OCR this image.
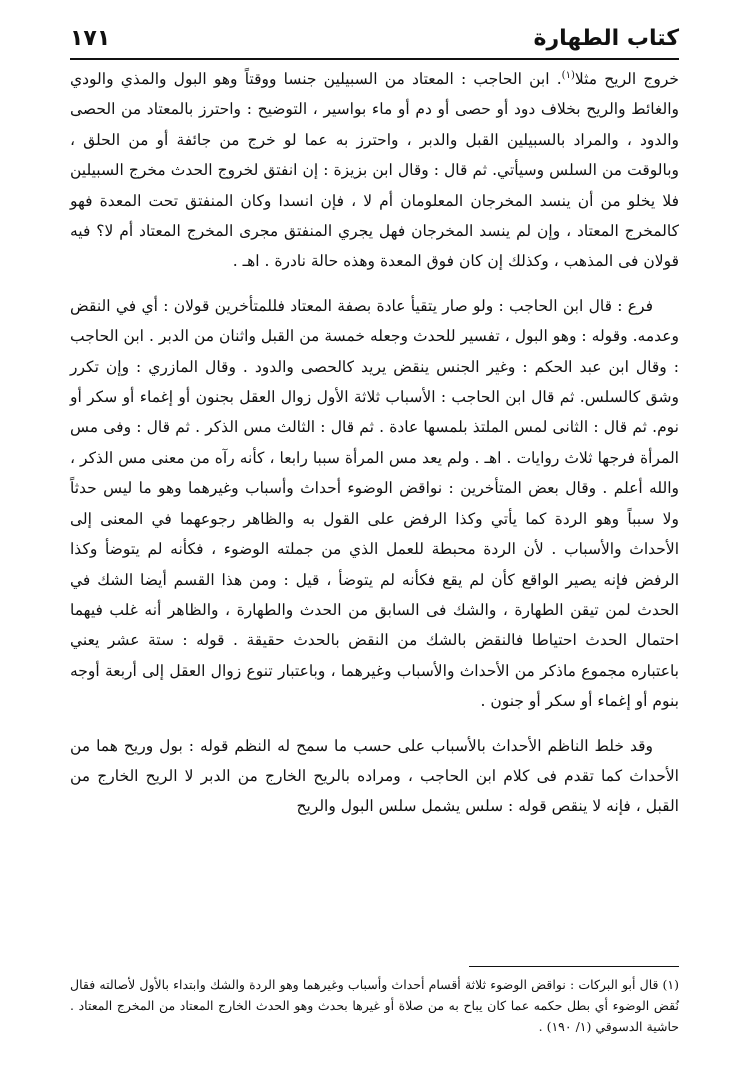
كتاب الطهارة
١٧١

خروج الريح مثلا$^{(١)}$. ابن الحاجب : المعتاد من السبيلين جنسا ووقتاً وهو البول والمذي والودي والغائط والريح بخلاف دود أو حصى أو دم أو ماء بواسير ، التوضيح : واحترز بالمعتاد من الحصى والدود ، والمراد بالسبيلين القبل والدبر ، واحترز به عما لو خرج من جائفة أو من الحلق ، وبالوقت من السلس وسيأتي. ثم قال : وقال ابن بزيزة : إن انفتق لخروج الحدث مخرج السبيلين فلا يخلو من أن ينسد المخرجان المعلومان أم لا ، فإن انسدا وكان المنفتق تحت المعدة فهو كالمخرج المعتاد ، وإن لم ينسد المخرجان فهل يجري المنفتق مجرى المخرج المعتاد أم لا؟ فيه قولان فى المذهب ، وكذلك إن كان فوق المعدة وهذه حالة نادرة . اهـ .

فرع : قال ابن الحاجب : ولو صار يتقيأ عادة بصفة المعتاد فللمتأخرين قولان : أي في النقض وعدمه. وقوله : وهو البول ، تفسير للحدث وجعله خمسة من القبل واثنان من الدبر . ابن الحاجب : وقال ابن عبد الحكم : وغير الجنس ينقض يريد كالحصى والدود . وقال المازري : وإن تكرر وشق كالسلس. ثم قال ابن الحاجب : الأسباب ثلاثة الأول زوال العقل بجنون أو إغماء أو سكر أو نوم. ثم قال : الثانى لمس الملتذ بلمسها عادة . ثم قال : الثالث مس الذكر . ثم قال : وفى مس المرأة فرجها ثلاث روايات . اهـ . ولم يعد مس المرأة سببا رابعا ، كأنه رآه من معنى مس الذكر ، والله أعلم . وقال بعض المتأخرين : نواقض الوضوء أحداث وأسباب وغيرهما وهو ما ليس حدثاً ولا سبباً وهو الردة كما يأتي وكذا الرفض على القول به والظاهر رجوعهما في المعنى إلى الأحداث والأسباب . لأن الردة محبطة للعمل الذي من جملته الوضوء ، فكأنه لم يتوضأ وكذا الرفض فإنه يصير الواقع كأن لم يقع فكأنه لم يتوضأ ، قيل : ومن هذا القسم أيضا الشك في الحدث لمن تيقن الطهارة ، والشك فى السابق من الحدث والطهارة ، والظاهر أنه غلب فيهما احتمال الحدث احتياطا فالنقض بالشك من النقض بالحدث حقيقة . قوله : ستة عشر يعني باعتباره مجموع ماذكر من الأحداث والأسباب وغيرهما ، وباعتبار تنوع زوال العقل إلى أربعة أوجه بنوم أو إغماء أو سكر أو جنون .

وقد خلط الناظم الأحداث بالأسباب على حسب ما سمح له النظم قوله : بول وريح هما من الأحداث كما تقدم فى كلام ابن الحاجب ، ومراده بالريح الخارج من الدبر لا الريح الخارج من القبل ، فإنه لا ينقص قوله : سلس يشمل سلس البول والريح

(١)قال أبو البركات : نواقض الوضوء ثلاثة أقسام أحداث وأسباب وغيرهما وهو الردة والشك وابتداء بالأول لأصالته فقال نُقض الوضوء أي بطل حكمه عما كان يباح به من صلاة أو غيرها بحدث وهو الحدث الخارج المعتاد من المخرج المعتاد . حاشية الدسوقي (١/ ١٩٠) .
